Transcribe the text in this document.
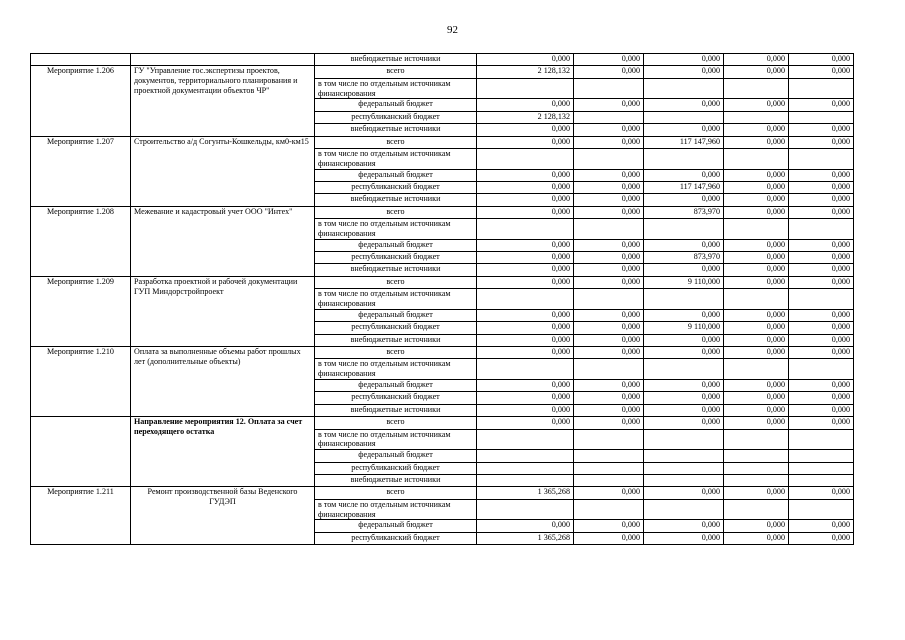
92
		внебюджетные источники	0,000	0,000	0,000	0,000	0,000
Мероприятие 1.206	ГУ "Управление гос.экспертизы проектов, документов, территориального планирования и проектной документации объектов ЧР"	всего	2 128,132	0,000	0,000	0,000	0,000
		в том числе по отдельным источникам финансирования					
		федеральный бюджет	0,000	0,000	0,000	0,000	0,000
		республиканский бюджет	2 128,132				
		внебюджетные источники	0,000	0,000	0,000	0,000	0,000
Мероприятие 1.207	Строительство а/д Согунты-Кошкельды, км0-км15	всего	0,000	0,000	117 147,960	0,000	0,000
		в том числе по отдельным источникам финансирования					
		федеральный бюджет	0,000	0,000	0,000	0,000	0,000
		республиканский бюджет	0,000	0,000	117 147,960	0,000	0,000
		внебюджетные источники	0,000	0,000	0,000	0,000	0,000
Мероприятие 1.208	Межевание и кадастровый учет ООО "Интех"	всего	0,000	0,000	873,970	0,000	0,000
		в том числе по отдельным источникам финансирования					
		федеральный бюджет	0,000	0,000	0,000	0,000	0,000
		республиканский бюджет	0,000	0,000	873,970	0,000	0,000
		внебюджетные источники	0,000	0,000	0,000	0,000	0,000
Мероприятие 1.209	Разработка проектной и рабочей документации ГУП Миндорстройпроект	всего	0,000	0,000	9 110,000	0,000	0,000
		в том числе по отдельным источникам финансирования					
		федеральный бюджет	0,000	0,000	0,000	0,000	0,000
		республиканский бюджет	0,000	0,000	9 110,000	0,000	0,000
		внебюджетные источники	0,000	0,000	0,000	0,000	0,000
Мероприятие 1.210	Оплата за выполненные объемы работ прошлых лет (дополнительные объекты)	всего	0,000	0,000	0,000	0,000	0,000
		в том числе по отдельным источникам финансирования					
		федеральный бюджет	0,000	0,000	0,000	0,000	0,000
		республиканский бюджет	0,000	0,000	0,000	0,000	0,000
		внебюджетные источники	0,000	0,000	0,000	0,000	0,000
	Направление мероприятия 12. Оплата за счет переходящего остатка	всего	0,000	0,000	0,000	0,000	0,000
		в том числе по отдельным источникам финансирования					
		федеральный бюджет					
		республиканский бюджет					
		внебюджетные источники					
Мероприятие 1.211	Ремонт производственной базы Веденского ГУДЭП	всего	1 365,268	0,000	0,000	0,000	0,000
		в том числе по отдельным источникам финансирования					
		федеральный бюджет	0,000	0,000	0,000	0,000	0,000
		республиканский бюджет	1 365,268	0,000	0,000	0,000	0,000
